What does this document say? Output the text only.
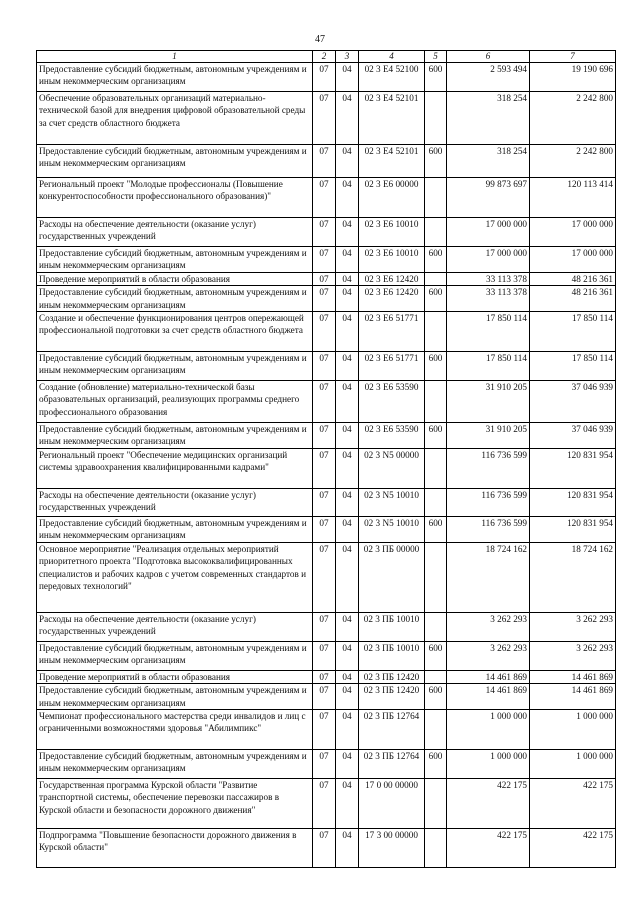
47
1	2	3	4	5	6	7
Предоставление субсидий бюджетным, автономным учреждениям и иным некоммерческим организациям	07	04	02 3 Е4 52100	600	2 593 494	19 190 696
Обеспечение образовательных организаций материально-технической базой для внедрения цифровой образовательной среды за счет средств областного бюджета	07	04	02 3 Е4 52101		318 254	2 242 800
Предоставление субсидий бюджетным, автономным учреждениям и иным некоммерческим организациям	07	04	02 3 Е4 52101	600	318 254	2 242 800
Региональный проект "Молодые профессионалы (Повышение конкурентоспособности профессионального образования)"	07	04	02 3 Е6 00000		99 873 697	120 113 414
Расходы на обеспечение деятельности (оказание услуг) государственных учреждений	07	04	02 3 Е6 10010		17 000 000	17 000 000
Предоставление субсидий бюджетным, автономным учреждениям и иным некоммерческим организациям	07	04	02 3 Е6 10010	600	17 000 000	17 000 000
Проведение мероприятий в области образования	07	04	02 3 Е6 12420		33 113 378	48 216 361
Предоставление субсидий бюджетным, автономным учреждениям и иным некоммерческим организациям	07	04	02 3 Е6 12420	600	33 113 378	48 216 361
Создание и обеспечение функционирования центров опережающей профессиональной подготовки за счет средств областного бюджета	07	04	02 3 Е6 51771		17 850 114	17 850 114
Предоставление субсидий бюджетным, автономным учреждениям и иным некоммерческим организациям	07	04	02 3 Е6 51771	600	17 850 114	17 850 114
Создание (обновление) материально-технической базы образовательных организаций, реализующих программы среднего профессионального образования	07	04	02 3 Е6 53590		31 910 205	37 046 939
Предоставление субсидий бюджетным, автономным учреждениям и иным некоммерческим организациям	07	04	02 3 Е6 53590	600	31 910 205	37 046 939
Региональный проект "Обеспечение медицинских организаций системы здравоохранения квалифицированными кадрами"	07	04	02 3 N5 00000		116 736 599	120 831 954
Расходы на обеспечение деятельности (оказание услуг) государственных учреждений	07	04	02 3 N5 10010		116 736 599	120 831 954
Предоставление субсидий бюджетным, автономным учреждениям и иным некоммерческим организациям	07	04	02 3 N5 10010	600	116 736 599	120 831 954
Основное мероприятие "Реализация отдельных мероприятий приоритетного проекта "Подготовка высококвалифицированных специалистов и рабочих кадров с учетом современных стандартов и передовых технологий"	07	04	02 3 ПБ 00000		18 724 162	18 724 162
Расходы на обеспечение деятельности (оказание услуг) государственных учреждений	07	04	02 3 ПБ 10010		3 262 293	3 262 293
Предоставление субсидий бюджетным, автономным учреждениям и иным некоммерческим организациям	07	04	02 3 ПБ 10010	600	3 262 293	3 262 293
Проведение мероприятий в области образования	07	04	02 3 ПБ 12420		14 461 869	14 461 869
Предоставление субсидий бюджетным, автономным учреждениям и иным некоммерческим организациям	07	04	02 3 ПБ 12420	600	14 461 869	14 461 869
Чемпионат профессионального мастерства среди инвалидов и лиц с ограниченными возможностями здоровья "Абилимпикс"	07	04	02 3 ПБ 12764		1 000 000	1 000 000
Предоставление субсидий бюджетным, автономным учреждениям и иным некоммерческим организациям	07	04	02 3 ПБ 12764	600	1 000 000	1 000 000
Государственная программа Курской области "Развитие транспортной системы, обеспечение перевозки пассажиров в Курской области и безопасности дорожного движения"	07	04	17 0 00 00000		422 175	422 175
Подпрограмма "Повышение безопасности дорожного движения в Курской области"	07	04	17 3 00 00000		422 175	422 175
